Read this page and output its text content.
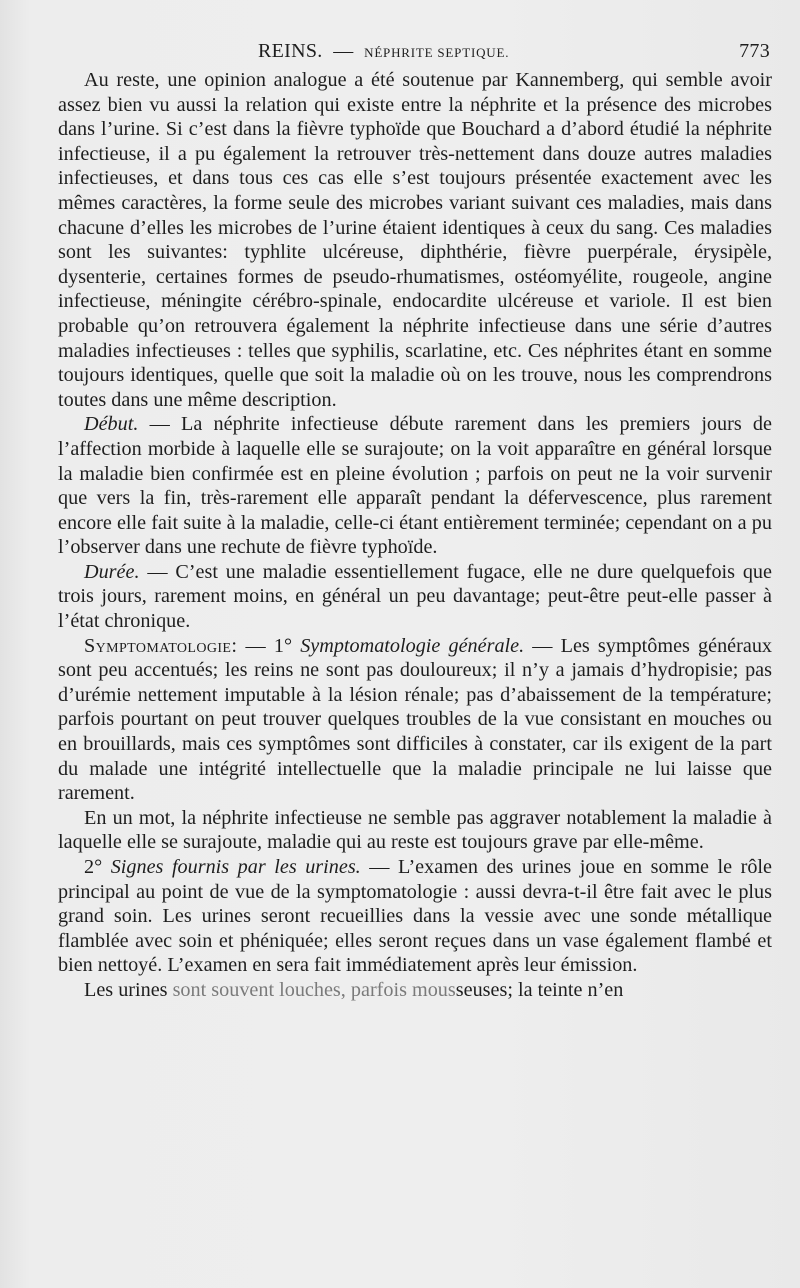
REINS. — NÉPHRITE SEPTIQUE.	773

Au reste, une opinion analogue a été soutenue par Kannemberg, qui semble avoir assez bien vu aussi la relation qui existe entre la néphrite et la présence des microbes dans l’urine. Si c’est dans la fièvre typhoïde que Bouchard a d’abord étudié la néphrite infectieuse, il a pu également la retrouver très-nettement dans douze autres maladies infectieuses, et dans tous ces cas elle s’est toujours présentée exactement avec les mêmes caractères, la forme seule des microbes variant suivant ces maladies, mais dans chacune d’elles les microbes de l’urine étaient identiques à ceux du sang. Ces maladies sont les suivantes: typhlite ulcéreuse, diphthérie, fièvre puerpérale, érysipèle, dysenterie, certaines formes de pseudo-rhumatismes, ostéomyélite, rougeole, angine infectieuse, méningite cérébro-spinale, endocardite ulcéreuse et variole. Il est bien probable qu’on retrouvera également la néphrite infectieuse dans une série d’autres maladies infectieuses : telles que syphilis, scarlatine, etc. Ces néphrites étant en somme toujours identiques, quelle que soit la maladie où on les trouve, nous les comprendrons toutes dans une même description.

Début. — La néphrite infectieuse débute rarement dans les premiers jours de l’affection morbide à laquelle elle se surajoute; on la voit apparaître en général lorsque la maladie bien confirmée est en pleine évolution ; parfois on peut ne la voir survenir que vers la fin, très-rarement elle apparaît pendant la défervescence, plus rarement encore elle fait suite à la maladie, celle-ci étant entièrement terminée; cependant on a pu l’observer dans une rechute de fièvre typhoïde.

Durée. — C’est une maladie essentiellement fugace, elle ne dure quelquefois que trois jours, rarement moins, en général un peu davantage; peut-être peut-elle passer à l’état chronique.

Symptomatologie: — 1° Symptomatologie générale. — Les symptômes généraux sont peu accentués; les reins ne sont pas douloureux; il n’y a jamais d’hydropisie; pas d’urémie nettement imputable à la lésion rénale; pas d’abaissement de la température; parfois pourtant on peut trouver quelques troubles de la vue consistant en mouches ou en brouillards, mais ces symptômes sont difficiles à constater, car ils exigent de la part du malade une intégrité intellectuelle que la maladie principale ne lui laisse que rarement.

En un mot, la néphrite infectieuse ne semble pas aggraver notablement la maladie à laquelle elle se surajoute, maladie qui au reste est toujours grave par elle-même.

2° Signes fournis par les urines. — L’examen des urines joue en somme le rôle principal au point de vue de la symptomatologie : aussi devra-t-il être fait avec le plus grand soin. Les urines seront recueillies dans la vessie avec une sonde métallique flamblée avec soin et phéniquée; elles seront reçues dans un vase également flambé et bien nettoyé. L’examen en sera fait immédiatement après leur émission.

Les urines sont souvent louches, parfois mousseuses; la teinte n’en
